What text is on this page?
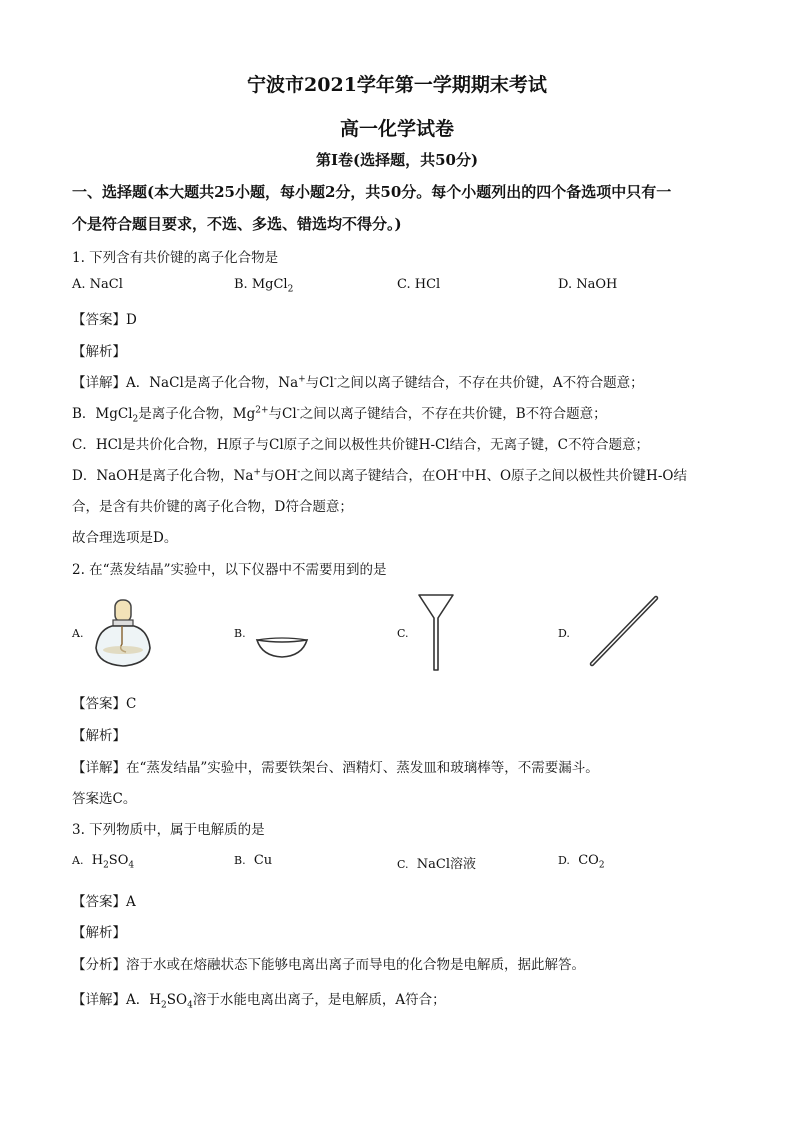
宁波市2021学年第一学期期末考试
高一化学试卷
第I卷(选择题，共50分)
一、选择题(本大题共25小题，每小题2分，共50分。每个小题列出的四个备选项中只有一
个是符合题目要求，不选、多选、错选均不得分。)
1. 下列含有共价键的离子化合物是
A. NaCl	B. MgCl$_2$	C. HCl	D. NaOH
【答案】D
【解析】
【详解】A．NaCl是离子化合物，Na+与Cl-之间以离子键结合，不存在共价键，A不符合题意；
B．MgCl$_2$是离子化合物，$Mg^{2+}$与Cl-之间以离子键结合，不存在共价键，B不符合题意；
C．HCl是共价化合物，H原子与Cl原子之间以极性共价键H-Cl结合，无离子键，C不符合题意；
D．NaOH是离子化合物，Na+与OH-之间以离子键结合，在OH-中H、O原子之间以极性共价键H-O结
合，是含有共价键的离子化合物，D符合题意；
故合理选项是D。
2. 在“蒸发结晶”实验中，以下仪器中不需要用到的是
A.	B.	C.	D.
【答案】C
【解析】
【详解】在“蒸发结晶”实验中，需要铁架台、酒精灯、蒸发皿和玻璃棒等，不需要漏斗。
答案选C。
3. 下列物质中，属于电解质的是
A. $H_2SO_4$	B. Cu	C. NaCl溶液	D. $CO_2$
【答案】A
【解析】
【分析】溶于水或在熔融状态下能够电离出离子而导电的化合物是电解质，据此解答。
【详解】A．$H_2SO_4$溶于水能电离出离子，是电解质，A符合；
